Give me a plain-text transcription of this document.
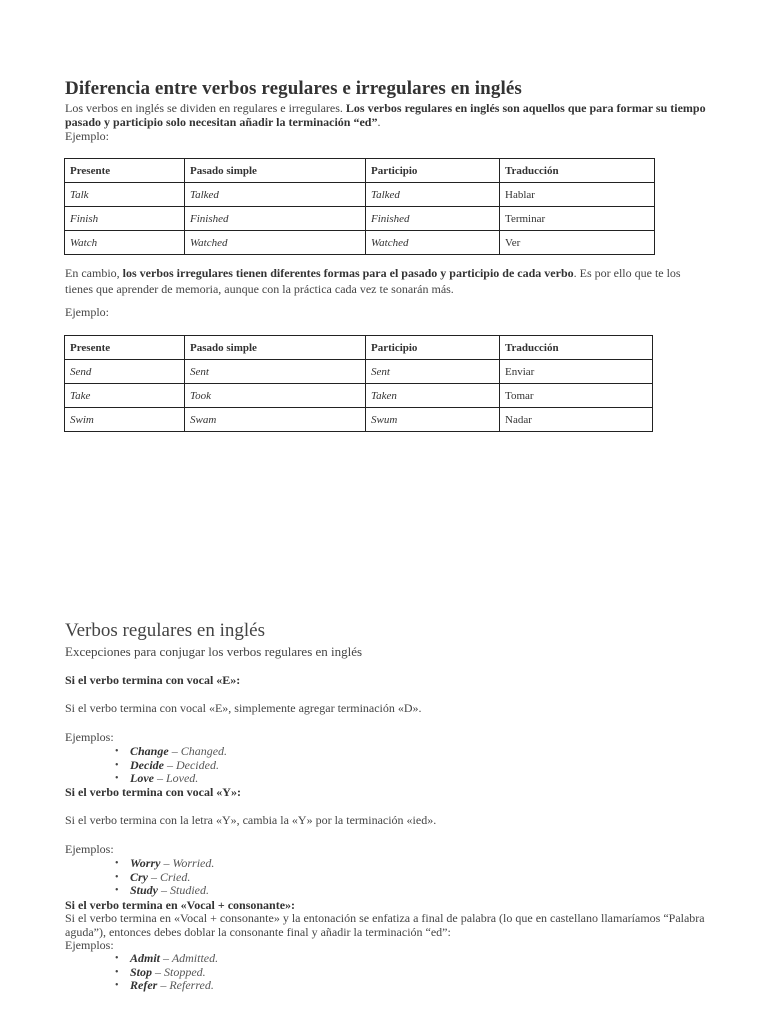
Diferencia entre verbos regulares e irregulares en inglés
Los verbos en inglés se dividen en regulares e irregulares. Los verbos regulares en inglés son aquellos que para formar su tiempo pasado y participio solo necesitan añadir la terminación “ed”.
Ejemplo:
Presente	Pasado simple	Participio	Traducción
Talk	Talked	Talked	Hablar
Finish	Finished	Finished	Terminar
Watch	Watched	Watched	Ver
En cambio, los verbos irregulares tienen diferentes formas para el pasado y participio de cada verbo. Es por ello que te los tienes que aprender de memoria, aunque con la práctica cada vez te sonarán más.
Ejemplo:
Presente	Pasado simple	Participio	Traducción
Send	Sent	Sent	Enviar
Take	Took	Taken	Tomar
Swim	Swam	Swum	Nadar
Verbos regulares en inglés
Excepciones para conjugar los verbos regulares en inglés
Si el verbo termina con vocal «E»:
Si el verbo termina con vocal «E», simplemente agregar terminación «D».
Ejemplos:
• Change – Changed.
• Decide – Decided.
• Love – Loved.
Si el verbo termina con vocal «Y»:
Si el verbo termina con la letra «Y», cambia la «Y» por la terminación «ied».
Ejemplos:
• Worry – Worried.
• Cry – Cried.
• Study – Studied.
Si el verbo termina en «Vocal + consonante»:
Si el verbo termina en «Vocal + consonante» y la entonación se enfatiza a final de palabra (lo que en castellano llamaríamos “Palabra aguda”), entonces debes doblar la consonante final y añadir la terminación “ed”:
Ejemplos:
• Admit – Admitted.
• Stop – Stopped.
• Refer – Referred.
